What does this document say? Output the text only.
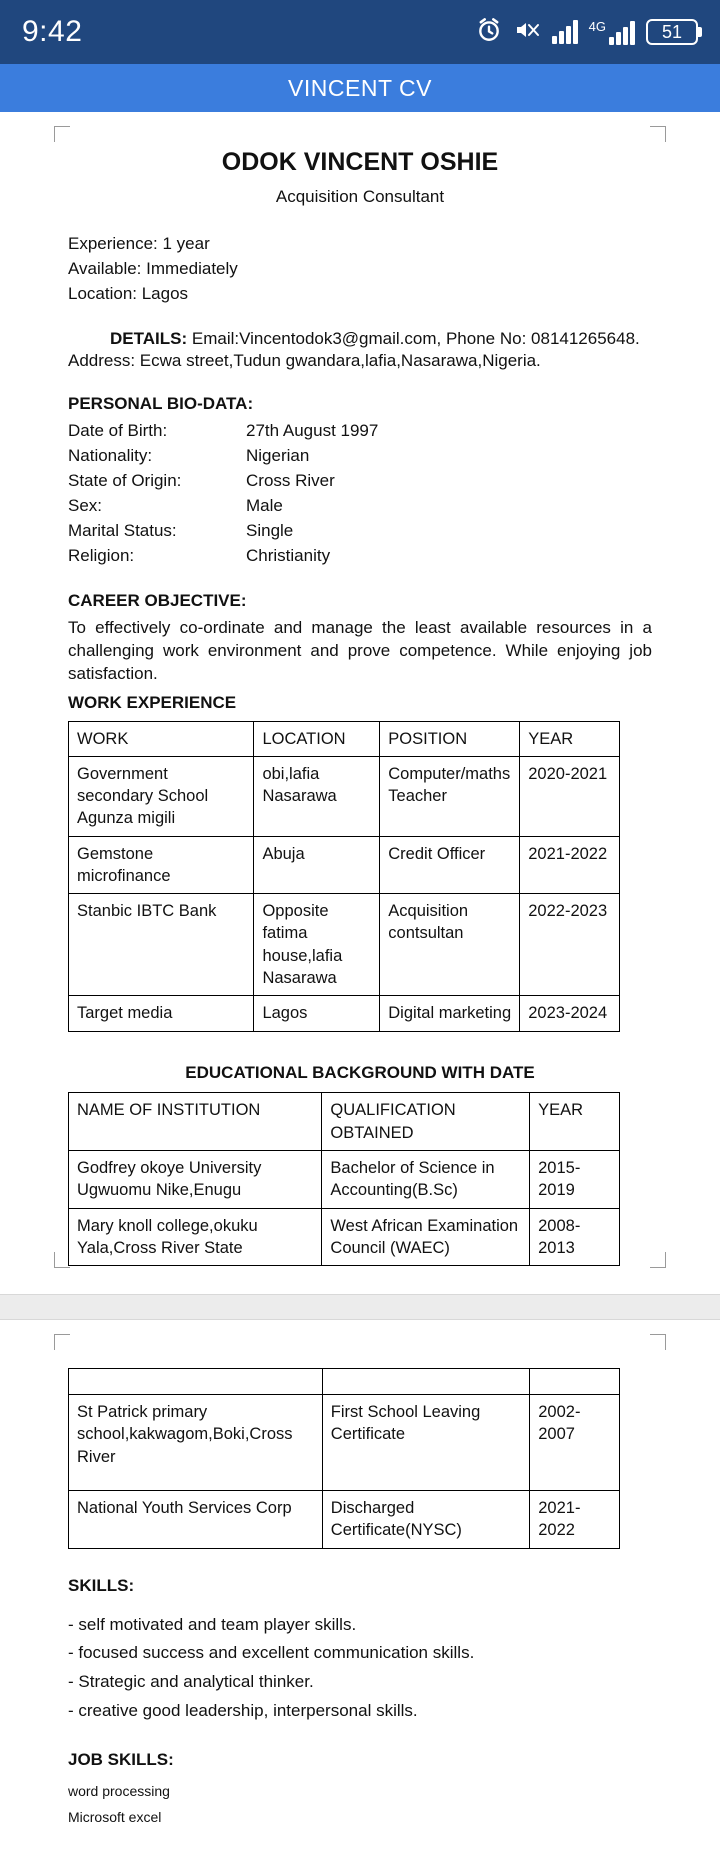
9:42	4G	51
VINCENT CV
ODOK VINCENT OSHIE
Acquisition Consultant
Experience: 1 year
Available: Immediately
Location: Lagos
DETAILS: Email:Vincentodok3@gmail.com, Phone No: 08141265648.
Address: Ecwa street,Tudun gwandara,lafia,Nasarawa,Nigeria.
PERSONAL BIO-DATA:
Date of Birth:	27th August 1997
Nationality:	Nigerian
State of Origin:	Cross River
Sex:	Male
Marital Status:	Single
Religion:	Christianity
CAREER OBJECTIVE:
To effectively co-ordinate and manage the least available resources in a challenging work environment and prove competence. While enjoying job satisfaction.
WORK EXPERIENCE
WORK	LOCATION	POSITION	YEAR
Government secondary School Agunza migili	obi,lafia Nasarawa	Computer/maths Teacher	2020-2021
Gemstone microfinance	Abuja	Credit Officer	2021-2022
Stanbic IBTC Bank	Opposite fatima house,lafia Nasarawa	Acquisition contsultan	2022-2023
Target media	Lagos	Digital marketing	2023-2024
EDUCATIONAL BACKGROUND WITH DATE
NAME OF INSTITUTION	QUALIFICATION OBTAINED	YEAR
Godfrey okoye University Ugwuomu Nike,Enugu	Bachelor of Science in Accounting(B.Sc)	2015-2019
Mary knoll college,okuku Yala,Cross River State	West African Examination Council (WAEC)	2008-2013

St Patrick primary school,kakwagom,Boki,Cross River	First School Leaving Certificate	2002-2007
National Youth Services Corp	Discharged Certificate(NYSC)	2021-2022
SKILLS:
- self motivated and team player skills.
- focused success and excellent communication skills.
- Strategic and analytical thinker.
- creative good leadership, interpersonal skills.
JOB SKILLS:
word processing
Microsoft excel
